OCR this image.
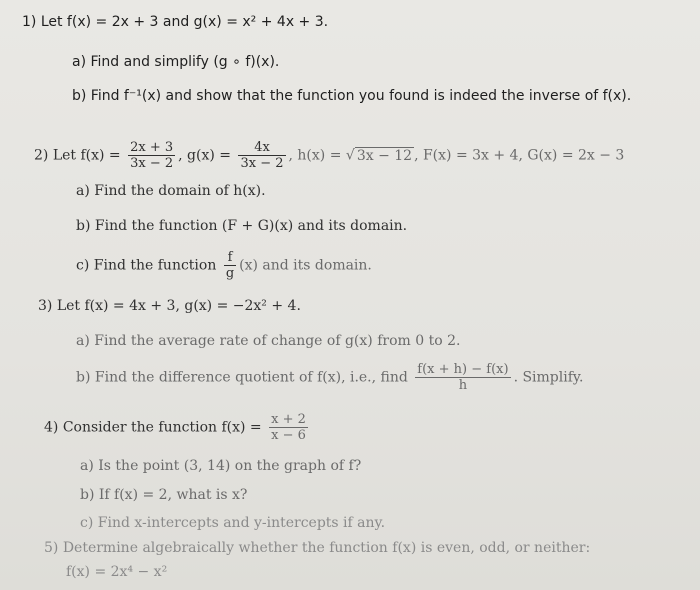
1) Let f(x) = 2x + 3 and g(x) = x² + 4x + 3.
a) Find and simplify (g ∘ f)(x).
b) Find f⁻¹(x) and show that the function you found is indeed the inverse of f(x).
2) Let $f(x) = \frac{2x + 3}{3x - 2}$ , $g(x) = \frac{4x}{3x - 2}$ , h(x) = √ 3x − 12 , F(x) = 3x + 4, G(x) = 2x − 3
a) Find the domain of h(x).
b) Find the function (F + G)(x) and its domain.
c) Find the function $\frac{f}{g} (x)$ and its domain.
3) Let f(x) = 4x + 3, g(x) = −2x² + 4.
a) Find the average rate of change of g(x) from 0 to 2.
b) Find the difference quotient of f(x), i.e., find $\frac{f(x + h) - f(x)}{h}$ . Simplify.
4) Consider the function $f(x) = \frac{x + 2}{x - 6}$
a) Is the point (3, 14) on the graph of f?
b) If f(x) = 2, what is x?
c) Find x-intercepts and y-intercepts if any.
5) Determine algebraically whether the function f(x) is even, odd, or neither:
f(x) = 2x⁴ − x²
